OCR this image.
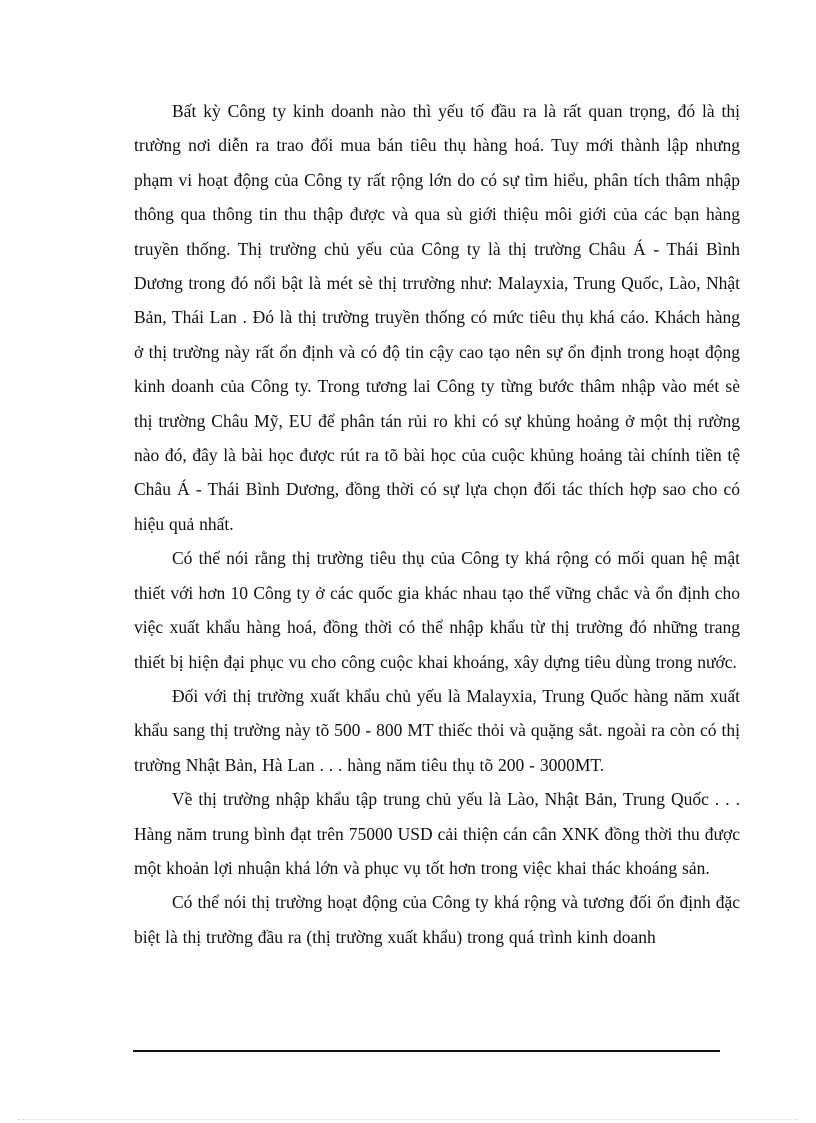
Bất kỳ Công ty kinh doanh nào thì yếu tố đầu ra là rất quan trọng, đó là thị trường nơi diễn ra trao đổi mua bán tiêu thụ hàng hoá. Tuy mới thành lập nhưng phạm vi hoạt động của Công ty rất rộng lớn do có sự tìm hiểu, phân tích thâm nhập thông qua thông tin thu thập được và qua sù giới thiệu môi giới của các bạn hàng truyền thống. Thị trường chủ yếu của Công ty là thị trường Châu Á - Thái Bình Dương trong đó nổi bật là mét sè thị trrường như: Malayxia, Trung Quốc, Lào, Nhật Bản, Thái Lan . Đó là thị trường truyền thống có mức tiêu thụ khá cáo. Khách hàng ở thị trường này rất ổn định và có độ tin cậy cao tạo nên sự ổn định trong hoạt động kinh doanh của Công ty. Trong tương lai Công ty từng bước thâm nhập vào mét sè thị trường Châu Mỹ, EU để phân tán rủi ro khi có sự khủng hoảng ở một thị rường nào đó, đây là bài học được rút ra tõ bài học của cuộc khủng hoảng tài chính tiền tệ Châu Á - Thái Bình Dương, đồng thời có sự lựa chọn đối tác thích hợp sao cho có hiệu quả nhất.

Có thể nói rằng thị trường tiêu thụ của Công ty khá rộng có mối quan hệ mật thiết với hơn 10 Công ty ở các quốc gia khác nhau tạo thế vững chắc và ổn định cho việc xuất khẩu hàng hoá, đồng thời có thể nhập khẩu từ thị trường đó những trang thiết bị hiện đại phục vu cho công cuộc khai khoáng, xây dựng tiêu dùng trong nước.

Đối với thị trường xuất khẩu chủ yếu là Malayxia, Trung Quốc hàng năm xuất khẩu sang thị trường này tõ 500 - 800 MT thiếc thỏi và quặng sắt. ngoài ra còn có thị trường Nhật Bản, Hà Lan . . . hàng năm tiêu thụ tõ 200 - 3000MT.

Về thị trường nhập khẩu tập trung chủ yếu là Lào, Nhật Bản, Trung Quốc . . . Hàng năm trung bình đạt trên 75000 USD cải thiện cán cân XNK đồng thời thu được một khoản lợi nhuận khá lớn và phục vụ tốt hơn trong việc khai thác khoáng sản.

Có thể nói thị trường hoạt động của Công ty khá rộng và tương đối ổn định đặc biệt là thị trường đầu ra (thị trường xuất khẩu) trong quá trình kinh doanh
